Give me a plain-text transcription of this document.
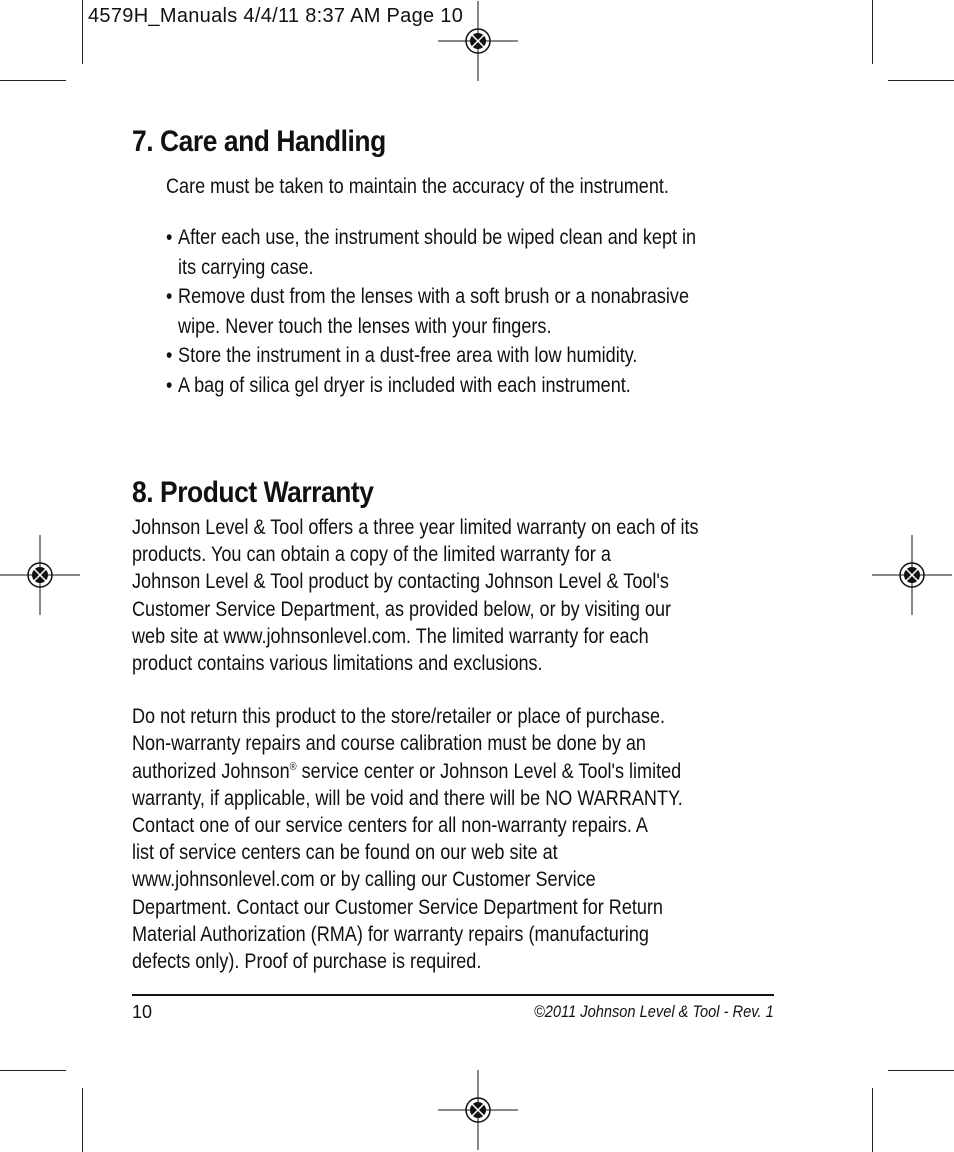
4579H_Manuals 4/4/11 8:37 AM Page 10
7. Care and Handling
Care must be taken to maintain the accuracy of the instrument.
• After each use, the instrument should be wiped clean and kept in
its carrying case.
• Remove dust from the lenses with a soft brush or a nonabrasive
wipe. Never touch the lenses with your fingers.
• Store the instrument in a dust-free area with low humidity.
• A bag of silica gel dryer is included with each instrument.
8. Product Warranty
Johnson Level & Tool offers a three year limited warranty on each of its
products. You can obtain a copy of the limited warranty for a
Johnson Level & Tool product by contacting Johnson Level & Tool's
Customer Service Department, as provided below, or by visiting our
web site at www.johnsonlevel.com. The limited warranty for each
product contains various limitations and exclusions.
Do not return this product to the store/retailer or place of purchase.
Non-warranty repairs and course calibration must be done by an
authorized Johnson® service center or Johnson Level & Tool's limited
warranty, if applicable, will be void and there will be NO WARRANTY.
Contact one of our service centers for all non-warranty repairs. A
list of service centers can be found on our web site at
www.johnsonlevel.com or by calling our Customer Service
Department. Contact our Customer Service Department for Return
Material Authorization (RMA) for warranty repairs (manufacturing
defects only). Proof of purchase is required.
10	©2011 Johnson Level & Tool - Rev. 1
